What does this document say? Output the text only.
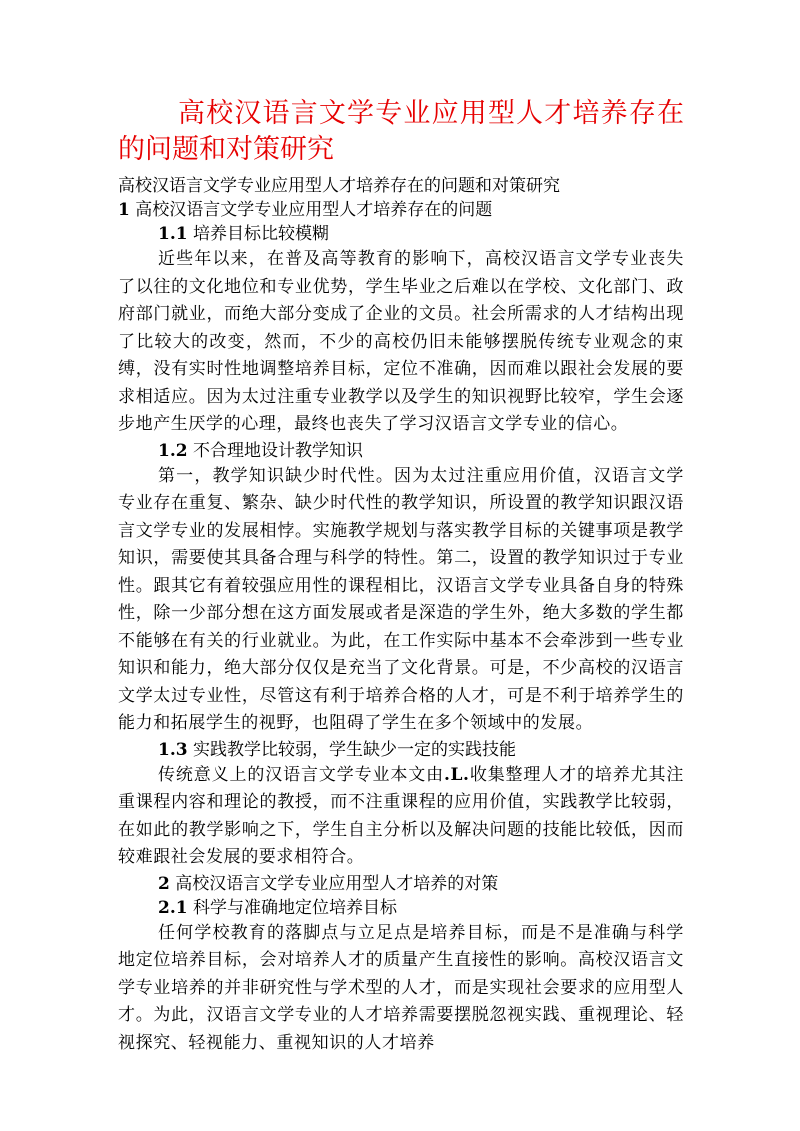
高校汉语言文学专业应用型人才培养存在的问题和对策研究
高校汉语言文学专业应用型人才培养存在的问题和对策研究
1 高校汉语言文学专业应用型人才培养存在的问题
1.1 培养目标比较模糊

近些年以来，在普及高等教育的影响下，高校汉语言文学专业丧失了以往的文化地位和专业优势，学生毕业之后难以在学校、文化部门、政府部门就业，而绝大部分变成了企业的文员。社会所需求的人才结构出现了比较大的改变，然而，不少的高校仍旧未能够摆脱传统专业观念的束缚，没有实时性地调整培养目标，定位不准确，因而难以跟社会发展的要求相适应。因为太过注重专业教学以及学生的知识视野比较窄，学生会逐步地产生厌学的心理，最终也丧失了学习汉语言文学专业的信心。

1.2 不合理地设计教学知识

第一，教学知识缺少时代性。因为太过注重应用价值，汉语言文学专业存在重复、繁杂、缺少时代性的教学知识，所设置的教学知识跟汉语言文学专业的发展相悖。实施教学规划与落实教学目标的关键事项是教学知识，需要使其具备合理与科学的特性。第二，设置的教学知识过于专业性。跟其它有着较强应用性的课程相比，汉语言文学专业具备自身的特殊性，除一少部分想在这方面发展或者是深造的学生外，绝大多数的学生都不能够在有关的行业就业。为此，在工作实际中基本不会牵涉到一些专业知识和能力，绝大部分仅仅是充当了文化背景。可是，不少高校的汉语言文学太过专业性，尽管这有利于培养合格的人才，可是不利于培养学生的能力和拓展学生的视野，也阻碍了学生在多个领域中的发展。

1.3 实践教学比较弱，学生缺少一定的实践技能

传统意义上的汉语言文学专业本文由.L.收集整理人才的培养尤其注重课程内容和理论的教授，而不注重课程的应用价值，实践教学比较弱，在如此的教学影响之下，学生自主分析以及解决问题的技能比较低，因而较难跟社会发展的要求相符合。

2 高校汉语言文学专业应用型人才培养的对策
2.1 科学与准确地定位培养目标

任何学校教育的落脚点与立足点是培养目标，而是不是准确与科学地定位培养目标，会对培养人才的质量产生直接性的影响。高校汉语言文学专业培养的并非研究性与学术型的人才，而是实现社会要求的应用型人才。为此，汉语言文学专业的人才培养需要摆脱忽视实践、重视理论、轻视探究、轻视能力、重视知识的人才培养
